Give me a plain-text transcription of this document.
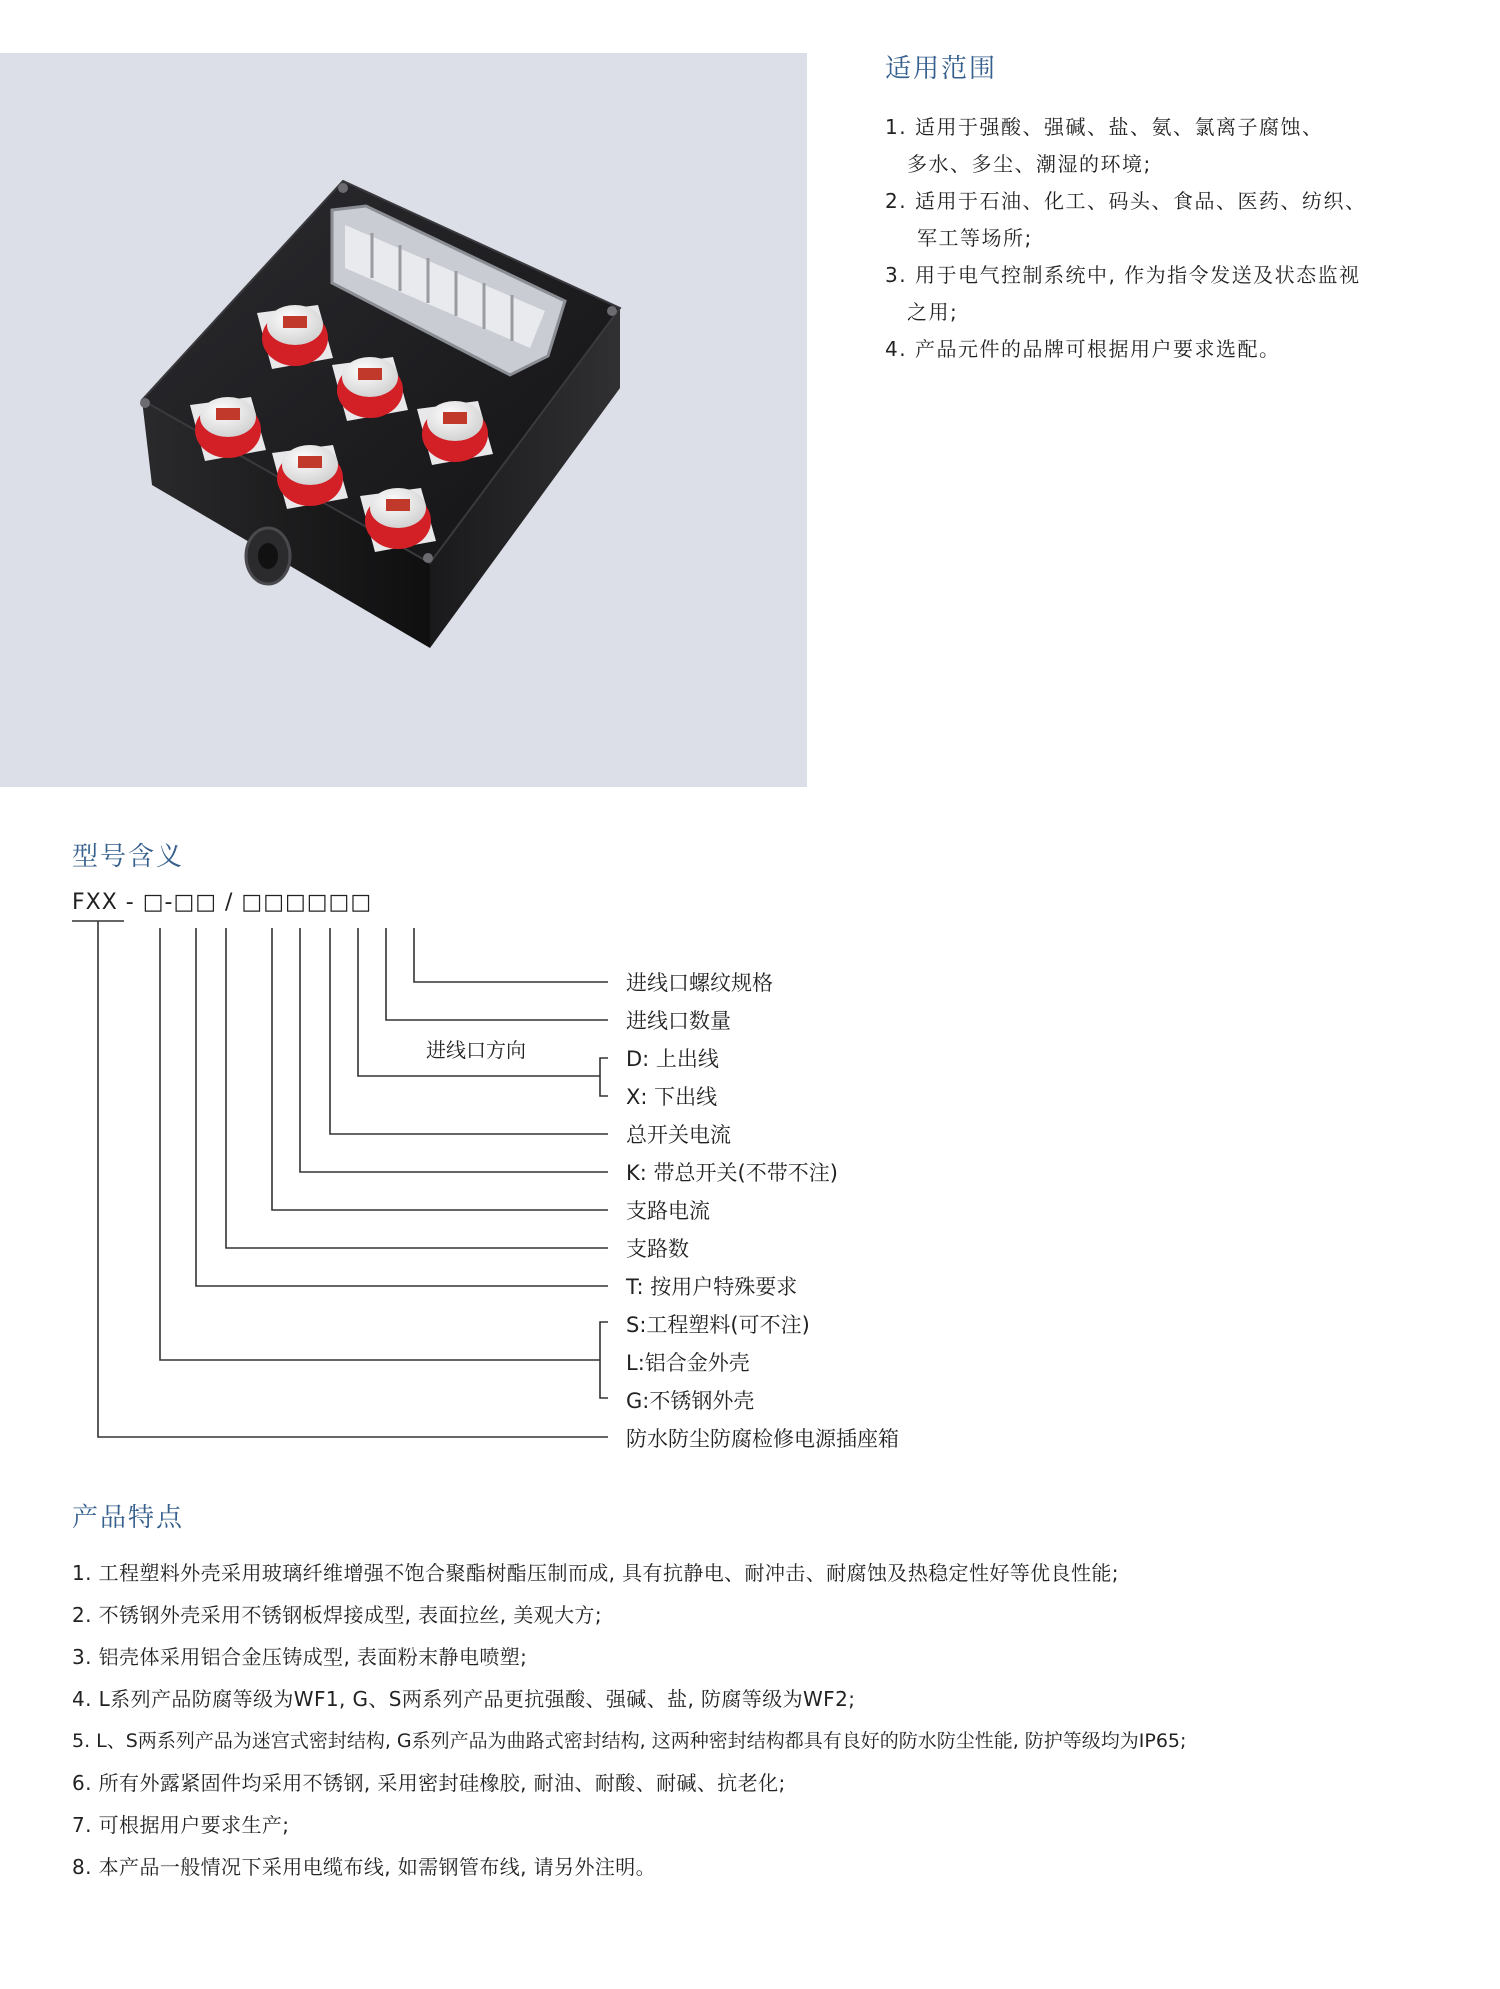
适用范围
1. 适用于强酸、强碱、盐、氨、氯离子腐蚀、
多水、多尘、潮湿的环境;
2. 适用于石油、化工、码头、食品、医药、纺织、
军工等场所;
3. 用于电气控制系统中, 作为指令发送及状态监视
之用;
4. 产品元件的品牌可根据用户要求选配。
型号含义
FXX - □-□□ / □□□□□□
进线口螺纹规格
进线口数量
进线口方向	D: 上出线
X: 下出线
总开关电流
K: 带总开关(不带不注)
支路电流
支路数
T: 按用户特殊要求
S:工程塑料(可不注)
L:铝合金外壳
G:不锈钢外壳
防水防尘防腐检修电源插座箱
产品特点
1. 工程塑料外壳采用玻璃纤维增强不饱合聚酯树酯压制而成, 具有抗静电、耐冲击、耐腐蚀及热稳定性好等优良性能;
2. 不锈钢外壳采用不锈钢板焊接成型, 表面拉丝, 美观大方;
3. 铝壳体采用铝合金压铸成型, 表面粉末静电喷塑;
4. L系列产品防腐等级为WF1, G、S两系列产品更抗强酸、强碱、盐, 防腐等级为WF2;
5. L、S两系列产品为迷宫式密封结构, G系列产品为曲路式密封结构, 这两种密封结构都具有良好的防水防尘性能, 防护等级均为IP65;
6. 所有外露紧固件均采用不锈钢, 采用密封硅橡胶, 耐油、耐酸、耐碱、抗老化;
7. 可根据用户要求生产;
8. 本产品一般情况下采用电缆布线, 如需钢管布线, 请另外注明。
